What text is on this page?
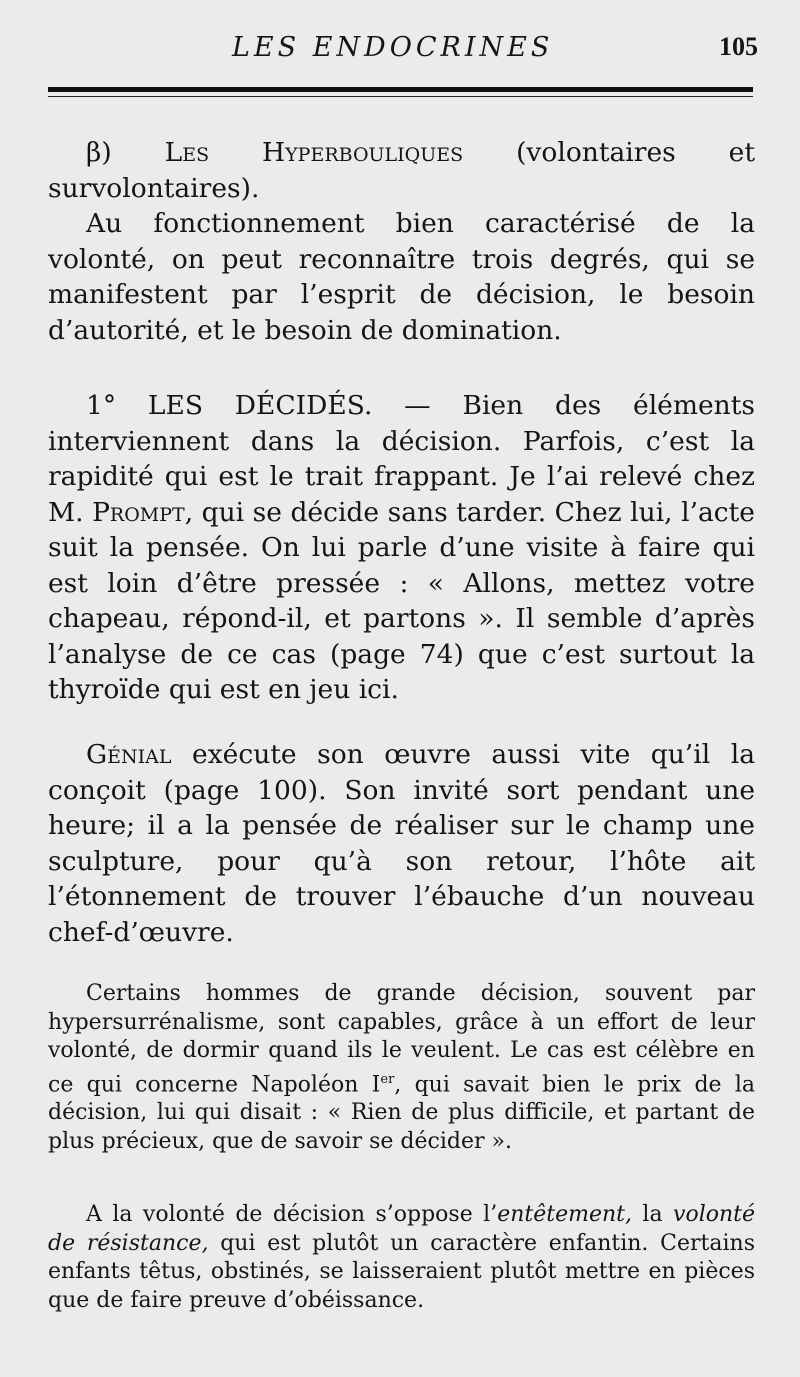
LES ENDOCRINES	105

β) Les Hyperbouliques (volontaires et survolontaires).

Au fonctionnement bien caractérisé de la volonté, on peut reconnaître trois degrés, qui se manifestent par l’esprit de décision, le besoin d’autorité, et le besoin de domination.

1° LES DÉCIDÉS. — Bien des éléments interviennent dans la décision. Parfois, c’est la rapidité qui est le trait frappant. Je l’ai relevé chez M. Prompt, qui se décide sans tarder. Chez lui, l’acte suit la pensée. On lui parle d’une visite à faire qui est loin d’être pressée : « Allons, mettez votre chapeau, répond-il, et partons ». Il semble d’après l’analyse de ce cas (page 74) que c’est surtout la thyroïde qui est en jeu ici.

Génial exécute son œuvre aussi vite qu’il la conçoit (page 100). Son invité sort pendant une heure; il a la pensée de réaliser sur le champ une sculpture, pour qu’à son retour, l’hôte ait l’étonnement de trouver l’ébauche d’un nouveau chef-d’œuvre.

Certains hommes de grande décision, souvent par hypersurrénalisme, sont capables, grâce à un effort de leur volonté, de dormir quand ils le veulent. Le cas est célèbre en ce qui concerne Napoléon Ier, qui savait bien le prix de la décision, lui qui disait : « Rien de plus difficile, et partant de plus précieux, que de savoir se décider ».

A la volonté de décision s’oppose l’entêtement, la volonté de résistance, qui est plutôt un caractère enfantin. Certains enfants têtus, obstinés, se laisseraient plutôt mettre en pièces que de faire preuve d’obéissance.
